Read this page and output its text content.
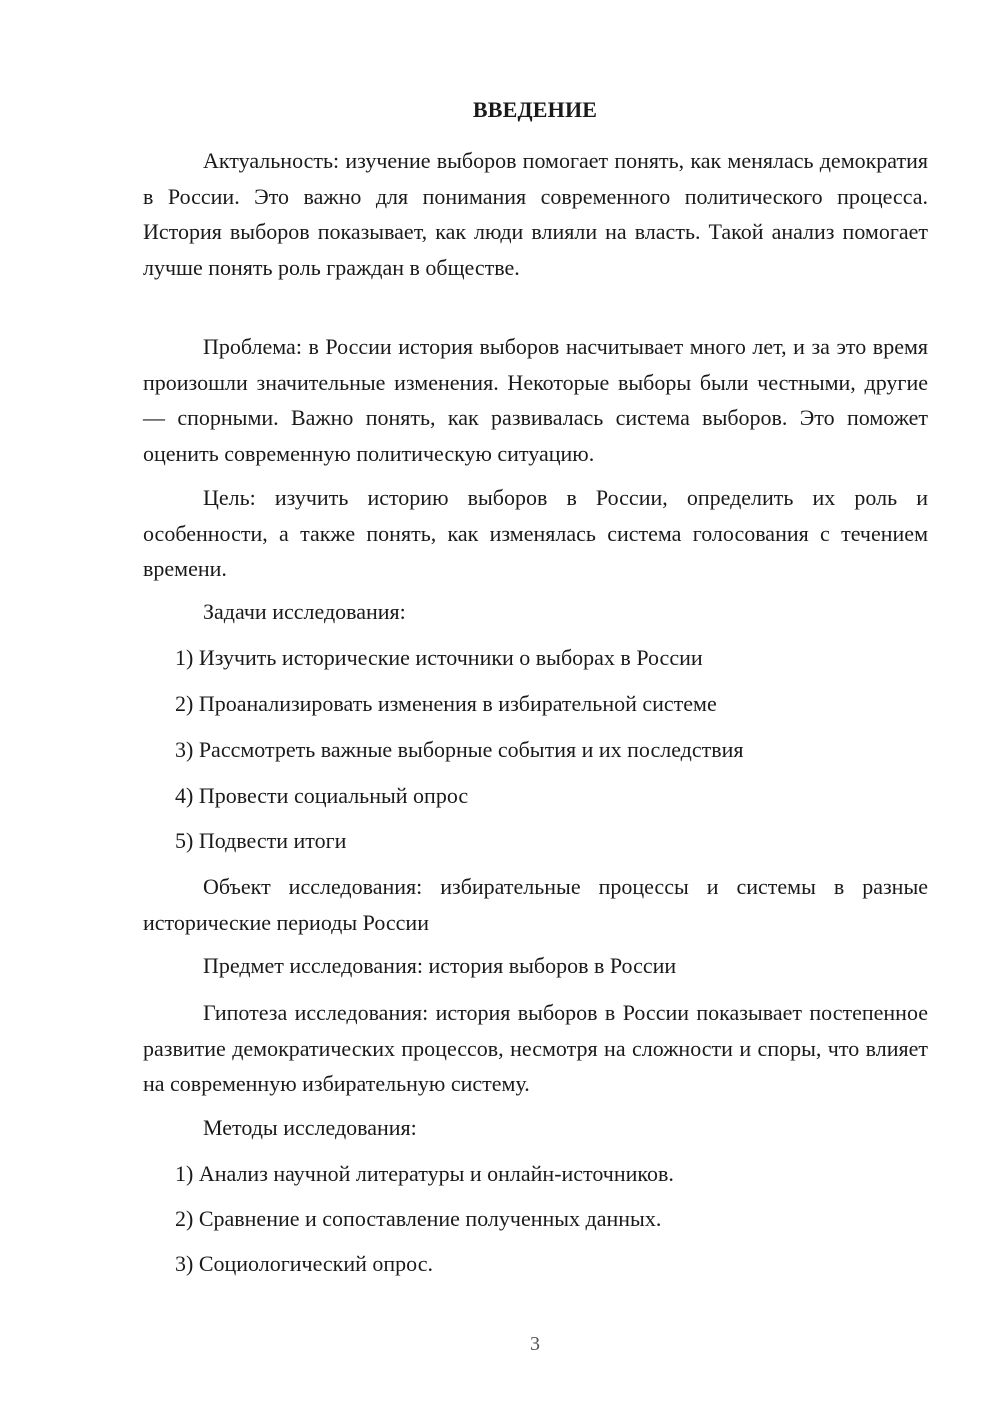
ВВЕДЕНИЕ

Актуальность: изучение выборов помогает понять, как менялась демократия в России. Это важно для понимания современного политического процесса. История выборов показывает, как люди влияли на власть. Такой анализ помогает лучше понять роль граждан в обществе.

Проблема: в России история выборов насчитывает много лет, и за это время произошли значительные изменения. Некоторые выборы были честными, другие — спорными. Важно понять, как развивалась система выборов. Это поможет оценить современную политическую ситуацию.

Цель: изучить историю выборов в России, определить их роль и особенности, а также понять, как изменялась система голосования с течением времени.

Задачи исследования:
1) Изучить исторические источники о выборах в России
2) Проанализировать изменения в избирательной системе
3) Рассмотреть важные выборные события и их последствия
4) Провести социальный опрос
5) Подвести итоги

Объект исследования: избирательные процессы и системы в разные исторические периоды России

Предмет исследования: история выборов в России

Гипотеза исследования: история выборов в России показывает постепенное развитие демократических процессов, несмотря на сложности и споры, что влияет на современную избирательную систему.

Методы исследования:
1) Анализ научной литературы и онлайн-источников.
2) Сравнение и сопоставление полученных данных.
3) Социологический опрос.
3
